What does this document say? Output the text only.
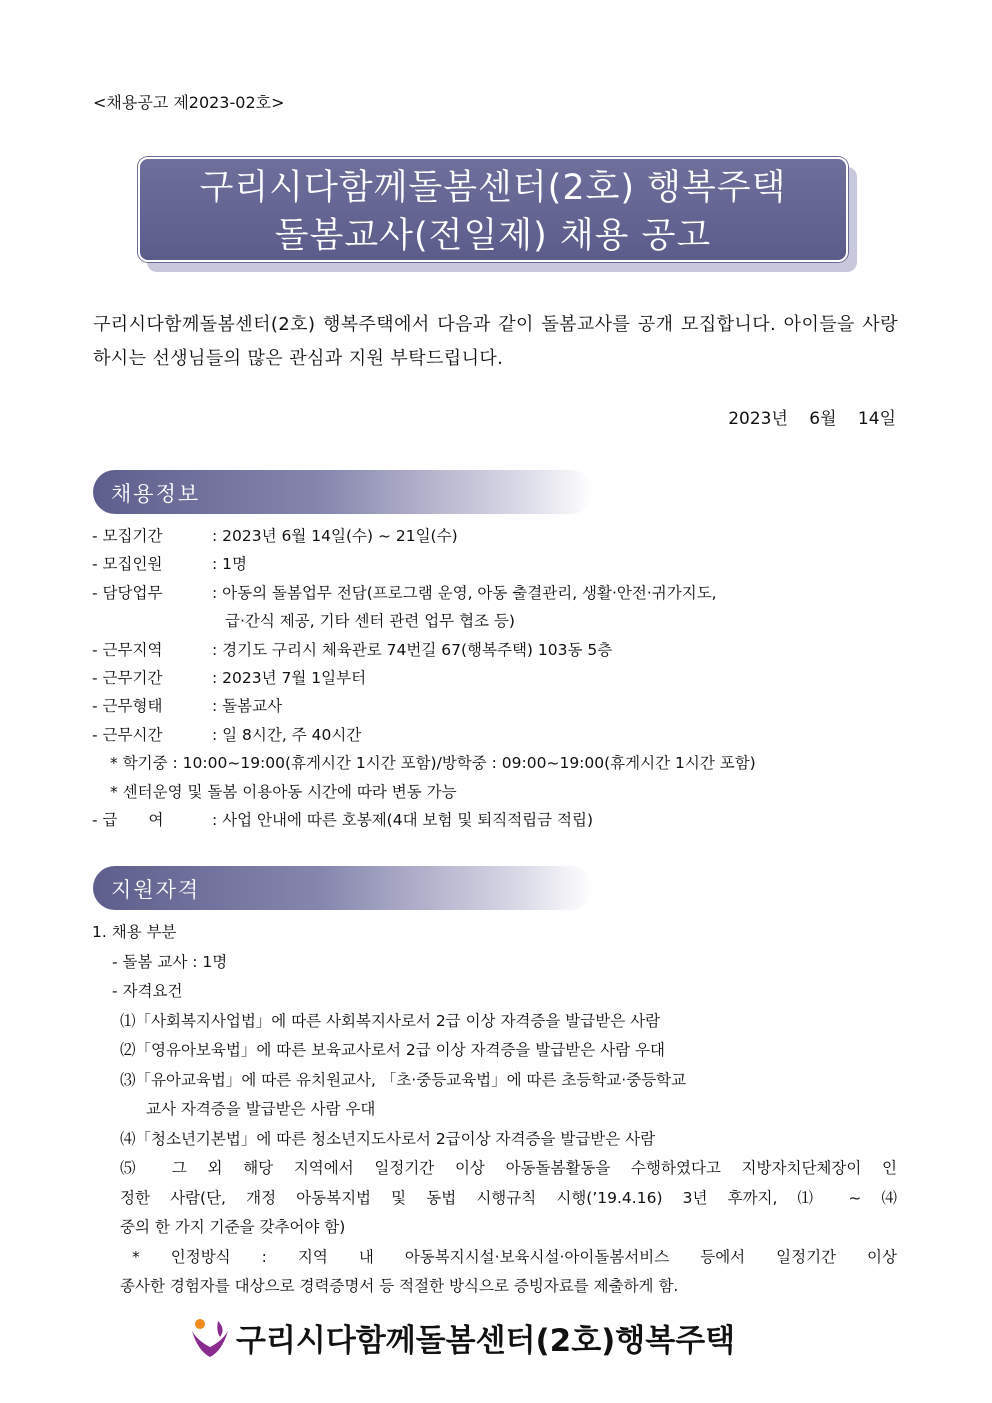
<채용공고 제2023-02호>
구리시다함께돌봄센터(2호) 행복주택
돌봄교사(전일제) 채용 공고
구리시다함께돌봄센터(2호) 행복주택에서 다음과 같이 돌봄교사를 공개 모집합니다. 아이들을 사랑하시는 선생님들의 많은 관심과 지원 부탁드립니다.
2023년 6월 14일
채용정보
- 모집기간	: 2023년 6월 14일(수) ~ 21일(수)
- 모집인원	: 1명
- 담당업무	: 아동의 돌봄업무 전담(프로그램 운영, 아동 출결관리, 생활·안전·귀가지도,
급·간식 제공, 기타 센터 관련 업무 협조 등)
- 근무지역	: 경기도 구리시 체육관로 74번길 67(행복주택) 103동 5층
- 근무기간	: 2023년 7월 1일부터
- 근무형태	: 돌봄교사
- 근무시간	: 일 8시간, 주 40시간
* 학기중 : 10:00~19:00(휴게시간 1시간 포함)/방학중 : 09:00~19:00(휴게시간 1시간 포함)
* 센터운영 및 돌봄 이용아동 시간에 따라 변동 가능
- 급　　여	: 사업 안내에 따른 호봉제(4대 보험 및 퇴직적립금 적립)
지원자격
1. 채용 부분
- 돌봄 교사 : 1명
- 자격요건
⑴「사회복지사업법」에 따른 사회복지사로서 2급 이상 자격증을 발급받은 사람
⑵「영유아보육법」에 따른 보육교사로서 2급 이상 자격증을 발급받은 사람 우대
⑶「유아교육법」에 따른 유치원교사, 「초·중등교육법」에 따른 초등학교·중등학교
교사 자격증을 발급받은 사람 우대
⑷「청소년기본법」에 따른 청소년지도사로서 2급이상 자격증을 발급받은 사람
⑸ 그 외 해당 지역에서 일정기간 이상 아동돌봄활동을 수행하였다고 지방자치단체장이 인
정한 사람(단, 개정 아동복지법 및 동법 시행규칙 시행(’19.4.16) 3년 후까지, ⑴ ~ ⑷
중의 한 가지 기준을 갖추어야 함)
* 인정방식 : 지역 내 아동복지시설·보육시설·아이돌봄서비스 등에서 일정기간 이상
종사한 경험자를 대상으로 경력증명서 등 적절한 방식으로 증빙자료를 제출하게 함.
구리시다함께돌봄센터(2호)행복주택
